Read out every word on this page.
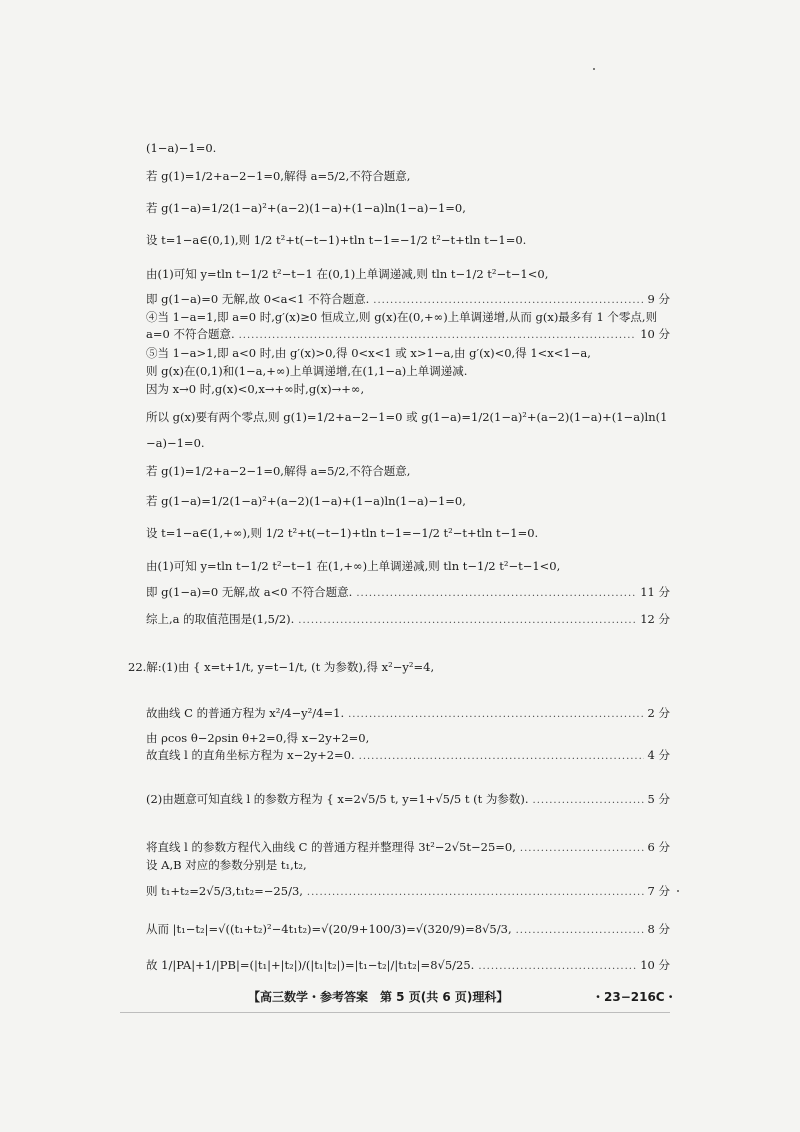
(1−a)−1=0.
若 g(1)=1/2+a−2−1=0,解得 a=5/2,不符合题意,
若 g(1−a)=1/2(1−a)²+(a−2)(1−a)+(1−a)ln(1−a)−1=0,
设 t=1−a∈(0,1),则 1/2 t²+t(−t−1)+tln t−1=−1/2 t²−t+tln t−1=0.
由(1)可知 y=tln t−1/2 t²−t−1 在(0,1)上单调递减,则 tln t−1/2 t²−t−1<0,
即 g(1−a)=0 无解,故 0<a<1 不符合题意. .....	9 分
④当 1−a=1,即 a=0 时,g′(x)≥0 恒成立,则 g(x)在(0,+∞)上单调递增,从而 g(x)最多有 1 个零点,则
a=0 不符合题意. .....	10 分
⑤当 1−a>1,即 a<0 时,由 g′(x)>0,得 0<x<1 或 x>1−a,由 g′(x)<0,得 1<x<1−a,
则 g(x)在(0,1)和(1−a,+∞)上单调递增,在(1,1−a)上单调递减.
因为 x→0 时,g(x)<0,x→+∞时,g(x)→+∞,
所以 g(x)要有两个零点,则 g(1)=1/2+a−2−1=0 或 g(1−a)=1/2(1−a)²+(a−2)(1−a)+(1−a)ln(1
−a)−1=0.
若 g(1)=1/2+a−2−1=0,解得 a=5/2,不符合题意,
若 g(1−a)=1/2(1−a)²+(a−2)(1−a)+(1−a)ln(1−a)−1=0,
设 t=1−a∈(1,+∞),则 1/2 t²+t(−t−1)+tln t−1=−1/2 t²−t+tln t−1=0.
由(1)可知 y=tln t−1/2 t²−t−1 在(1,+∞)上单调递减,则 tln t−1/2 t²−t−1<0,
即 g(1−a)=0 无解,故 a<0 不符合题意. .....	11 分
综上,a 的取值范围是(1,5/2). .....	12 分
22.解:(1)由 { x=t+1/t, y=t−1/t, (t 为参数),得 x²−y²=4,
故曲线 C 的普通方程为 x²/4−y²/4=1. .....	2 分
由 ρcos θ−2ρsin θ+2=0,得 x−2y+2=0,
故直线 l 的直角坐标方程为 x−2y+2=0. .....	4 分
(2)由题意可知直线 l 的参数方程为 { x=2√5/5 t, y=1+√5/5 t (t 为参数). .....	5 分
将直线 l 的参数方程代入曲线 C 的普通方程并整理得 3t²−2√5t−25=0, .....	6 分
设 A,B 对应的参数分别是 t₁,t₂,
则 t₁+t₂=2√5/3,t₁t₂=−25/3, .....	7 分
从而 |t₁−t₂|=√((t₁+t₂)²−4t₁t₂)=√(20/9+100/3)=√(320/9)=8√5/3, .....	8 分
故 1/|PA|+1/|PB|=(|t₁|+|t₂|)/(|t₁|t₂|)=|t₁−t₂|/|t₁t₂|=8√5/25. .....	10 分
【高三数学・参考答案　第 5 页(共 6 页)理科】	・23−216C・
